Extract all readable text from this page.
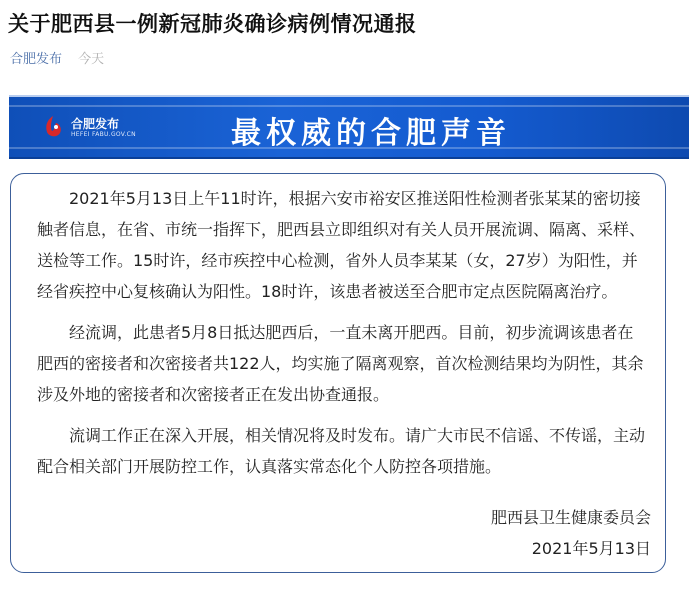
关于肥西县一例新冠肺炎确诊病例情况通报
合肥发布 今天
合肥发布
HEFEI FABU.GOV.CN	最权威的合肥声音
2021年5月13日上午11时许，根据六安市裕安区推送阳性检测者张某某的密切接触者信息，在省、市统一指挥下，肥西县立即组织对有关人员开展流调、隔离、采样、送检等工作。15时许，经市疾控中心检测，省外人员李某某（女，27岁）为阳性，并经省疾控中心复核确认为阳性。18时许，该患者被送至合肥市定点医院隔离治疗。
经流调，此患者5月8日抵达肥西后，一直未离开肥西。目前，初步流调该患者在肥西的密接者和次密接者共122人，均实施了隔离观察，首次检测结果均为阴性，其余涉及外地的密接者和次密接者正在发出协查通报。
流调工作正在深入开展，相关情况将及时发布。请广大市民不信谣、不传谣，主动配合相关部门开展防控工作，认真落实常态化个人防控各项措施。
肥西县卫生健康委员会
2021年5月13日
